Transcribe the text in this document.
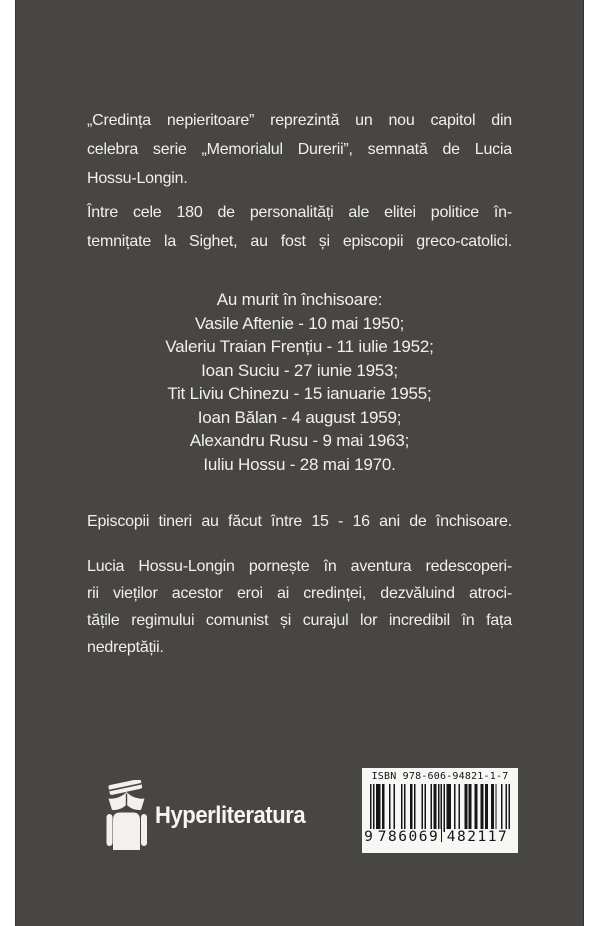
„Credința nepieritoare” reprezintă un nou capitol din
celebra serie „Memorialul Durerii”, semnată de Lucia
Hossu-Longin.
Între cele 180 de personalități ale elitei politice în-
temnițate la Sighet, au fost și episcopii greco-catolici.
Au murit în închisoare:
Vasile Aftenie - 10 mai 1950;
Valeriu Traian Frențiu - 11 iulie 1952;
Ioan Suciu - 27 iunie 1953;
Tit Liviu Chinezu - 15 ianuarie 1955;
Ioan Bălan - 4 august 1959;
Alexandru Rusu - 9 mai 1963;
Iuliu Hossu - 28 mai 1970.
Episcopii tineri au făcut între 15 - 16 ani de închisoare.
Lucia Hossu-Longin pornește în aventura redescoperi-
rii vieților acestor eroi ai credinței, dezvăluind atroci-
tățile regimului comunist și curajul lor incredibil în fața
nedreptății.
Hyperliteratura
ISBN 978-606-94821-1-7
9 786069 482117
